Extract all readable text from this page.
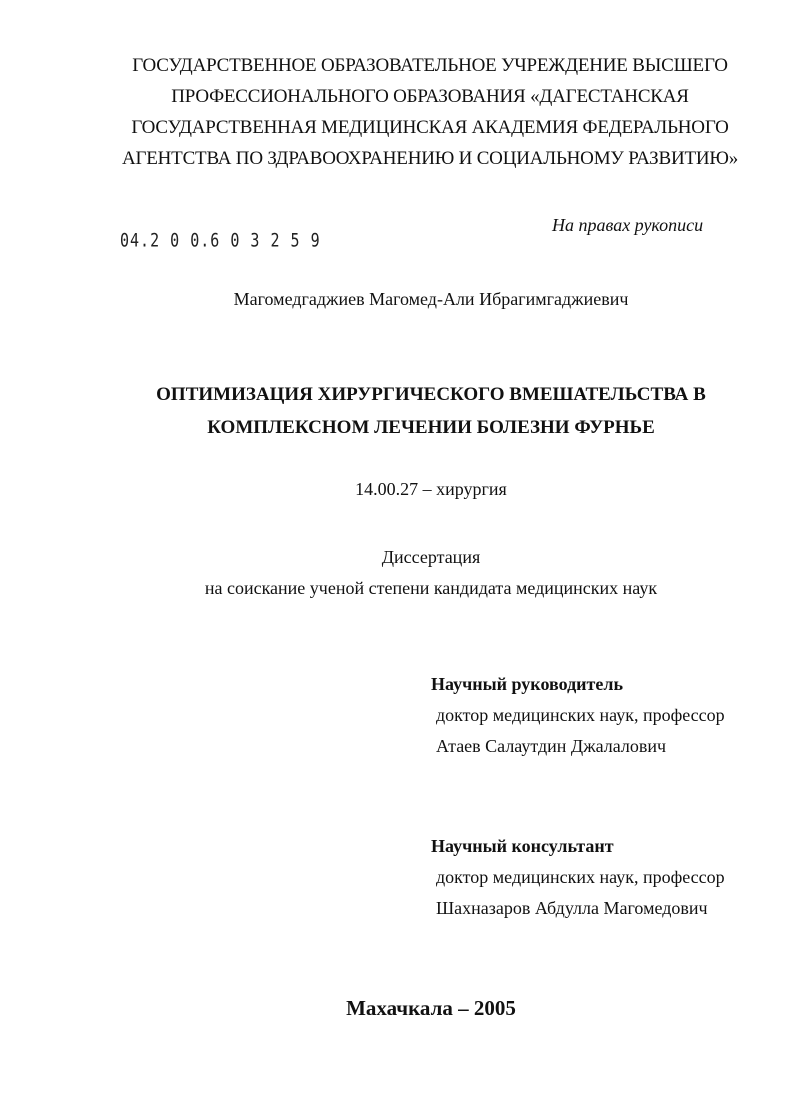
ГОСУДАРСТВЕННОЕ ОБРАЗОВАТЕЛЬНОЕ УЧРЕЖДЕНИЕ ВЫСШЕГО
ПРОФЕССИОНАЛЬНОГО ОБРАЗОВАНИЯ «ДАГЕСТАНСКАЯ
ГОСУДАРСТВЕННАЯ МЕДИЦИНСКАЯ АКАДЕМИЯ ФЕДЕРАЛЬНОГО
АГЕНТСТВА ПО ЗДРАВООХРАНЕНИЮ И СОЦИАЛЬНОМУ РАЗВИТИЮ»
04.2 0 0.6 0 3 2 5 9
На правах рукописи
Магомедгаджиев Магомед-Али Ибрагимгаджиевич
ОПТИМИЗАЦИЯ ХИРУРГИЧЕСКОГО ВМЕШАТЕЛЬСТВА В
КОМПЛЕКСНОМ ЛЕЧЕНИИ БОЛЕЗНИ ФУРНЬЕ
14.00.27 – хирургия
Диссертация
на соискание ученой степени кандидата медицинских наук
Научный руководитель
доктор медицинских наук, профессор
Атаев Салаутдин Джалалович
Научный консультант
доктор медицинских наук, профессор
Шахназаров Абдулла Магомедович
Махачкала – 2005
